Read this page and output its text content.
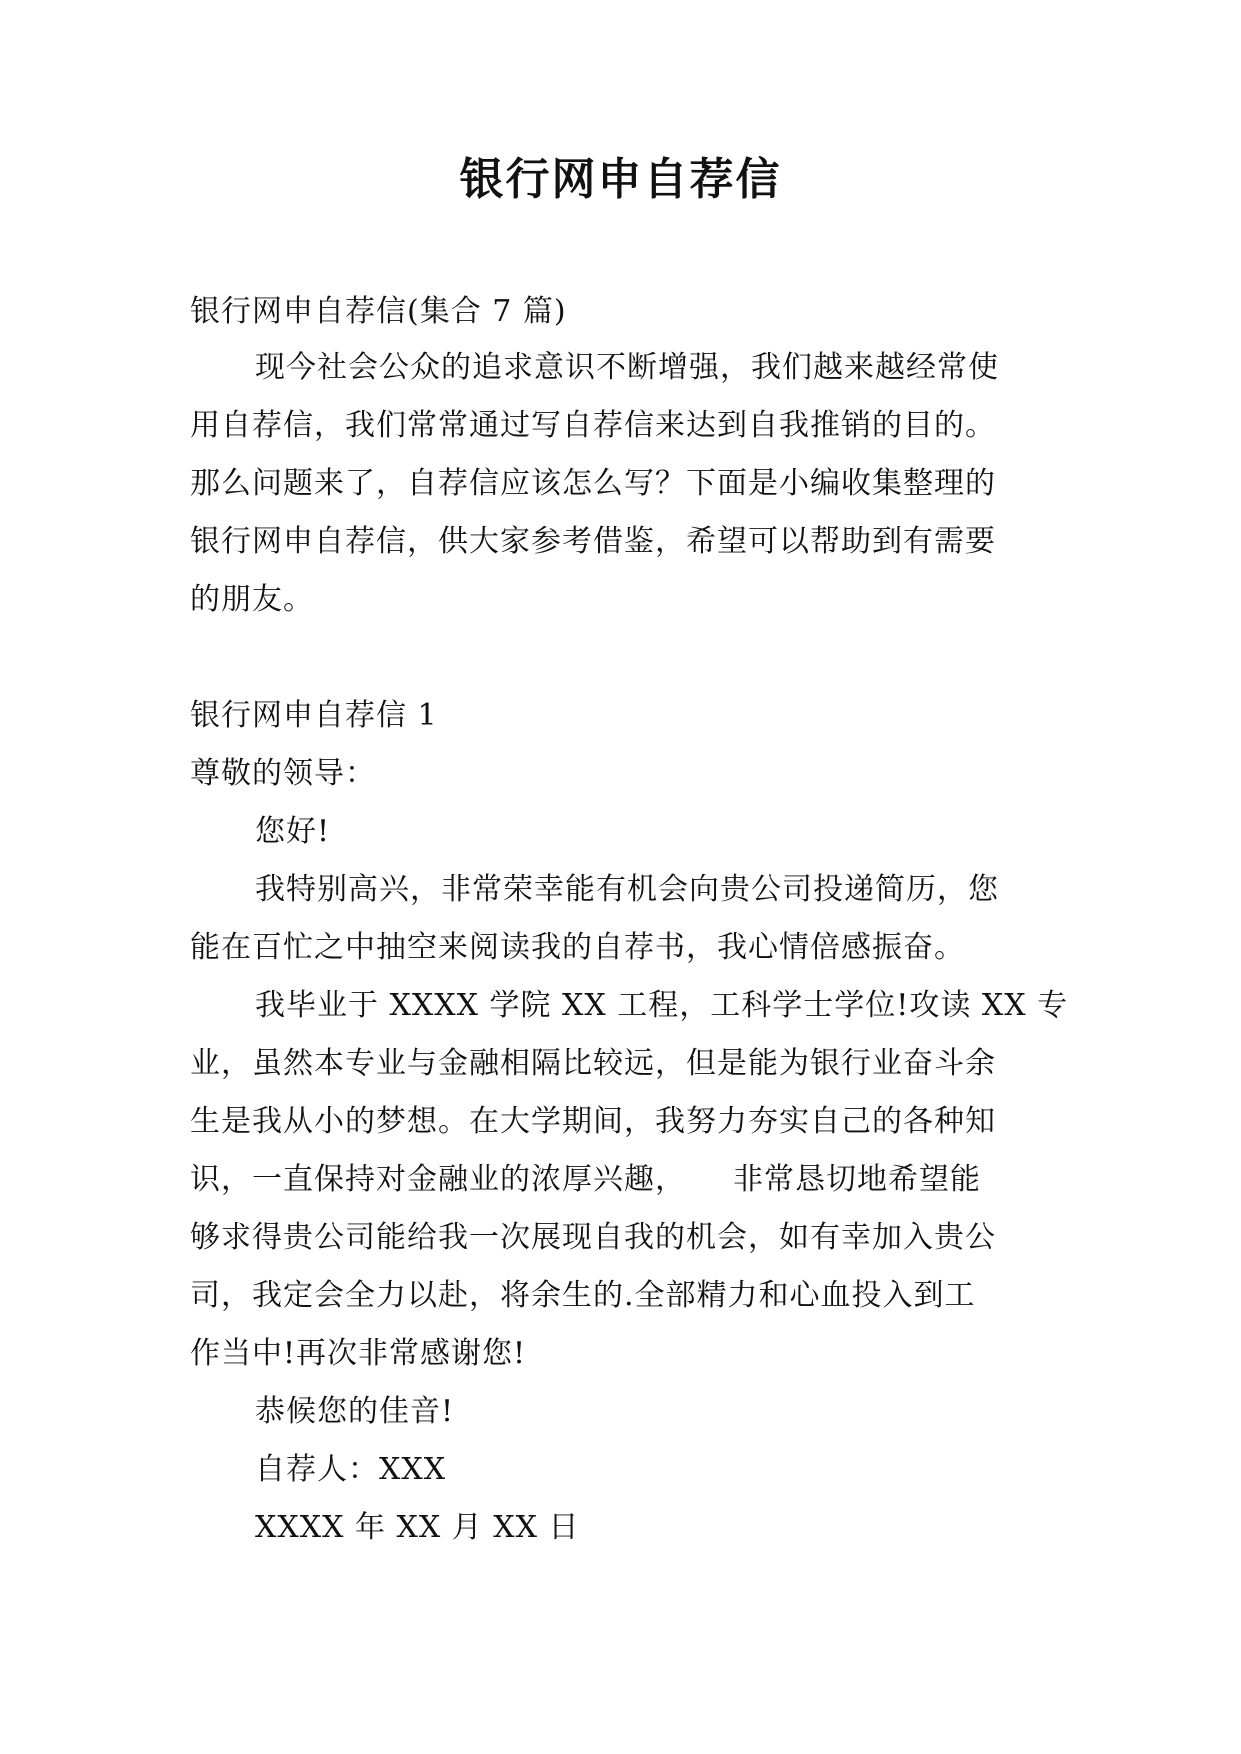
银行网申自荐信
银行网申自荐信(集合 7 篇)
现今社会公众的追求意识不断增强，我们越来越经常使
用自荐信，我们常常通过写自荐信来达到自我推销的目的。
那么问题来了，自荐信应该怎么写？下面是小编收集整理的
银行网申自荐信，供大家参考借鉴，希望可以帮助到有需要
的朋友。
银行网申自荐信 1
尊敬的领导：
您好!
我特别高兴，非常荣幸能有机会向贵公司投递简历，您
能在百忙之中抽空来阅读我的自荐书，我心情倍感振奋。
我毕业于 XXXX 学院 XX 工程，工科学士学位!攻读 XX 专
业，虽然本专业与金融相隔比较远，但是能为银行业奋斗余
生是我从小的梦想。在大学期间，我努力夯实自己的各种知
识，一直保持对金融业的浓厚兴趣，　　非常恳切地希望能
够求得贵公司能给我一次展现自我的机会，如有幸加入贵公
司，我定会全力以赴，将余生的.全部精力和心血投入到工
作当中!再次非常感谢您!
恭候您的佳音!
自荐人：XXX
XXXX 年 XX 月 XX 日
